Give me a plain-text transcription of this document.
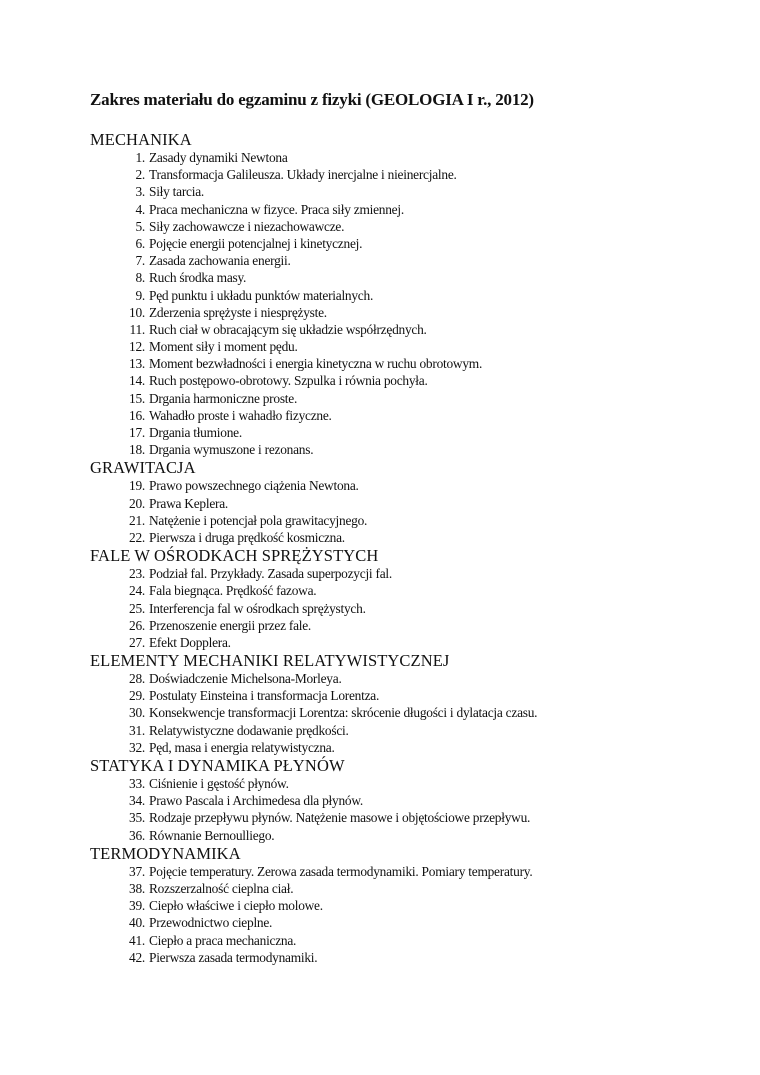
Zakres materiału do egzaminu z fizyki (GEOLOGIA I r., 2012)
MECHANIKA
1. Zasady dynamiki Newtona
2. Transformacja Galileusza. Układy inercjalne i nieinercjalne.
3. Siły tarcia.
4. Praca mechaniczna w fizyce. Praca siły zmiennej.
5. Siły zachowawcze i niezachowawcze.
6. Pojęcie energii potencjalnej i kinetycznej.
7. Zasada zachowania energii.
8. Ruch środka masy.
9. Pęd punktu i układu punktów materialnych.
10. Zderzenia sprężyste i niesprężyste.
11. Ruch ciał w obracającym się układzie współrzędnych.
12. Moment siły i moment pędu.
13. Moment bezwładności i energia kinetyczna w ruchu obrotowym.
14. Ruch postępowo-obrotowy. Szpulka i równia pochyła.
15. Drgania harmoniczne proste.
16. Wahadło proste i wahadło fizyczne.
17. Drgania tłumione.
18. Drgania wymuszone i rezonans.
GRAWITACJA
19. Prawo powszechnego ciążenia Newtona.
20. Prawa Keplera.
21. Natężenie i potencjał pola grawitacyjnego.
22. Pierwsza i druga prędkość kosmiczna.
FALE W OŚRODKACH SPRĘŻYSTYCH
23. Podział fal. Przykłady. Zasada superpozycji fal.
24. Fala biegnąca. Prędkość fazowa.
25. Interferencja fal w ośrodkach sprężystych.
26. Przenoszenie energii przez fale.
27. Efekt Dopplera.
ELEMENTY MECHANIKI RELATYWISTYCZNEJ
28. Doświadczenie Michelsona-Morleya.
29. Postulaty Einsteina i transformacja Lorentza.
30. Konsekwencje transformacji Lorentza: skrócenie długości i dylatacja czasu.
31. Relatywistyczne dodawanie prędkości.
32. Pęd, masa i energia relatywistyczna.
STATYKA I DYNAMIKA PŁYNÓW
33. Ciśnienie i gęstość płynów.
34. Prawo Pascala i Archimedesa dla płynów.
35. Rodzaje przepływu płynów. Natężenie masowe i objętościowe przepływu.
36. Równanie Bernoulliego.
TERMODYNAMIKA
37. Pojęcie temperatury. Zerowa zasada termodynamiki. Pomiary temperatury.
38. Rozszerzalność cieplna ciał.
39. Ciepło właściwe i ciepło molowe.
40. Przewodnictwo cieplne.
41. Ciepło a praca mechaniczna.
42. Pierwsza zasada termodynamiki.
